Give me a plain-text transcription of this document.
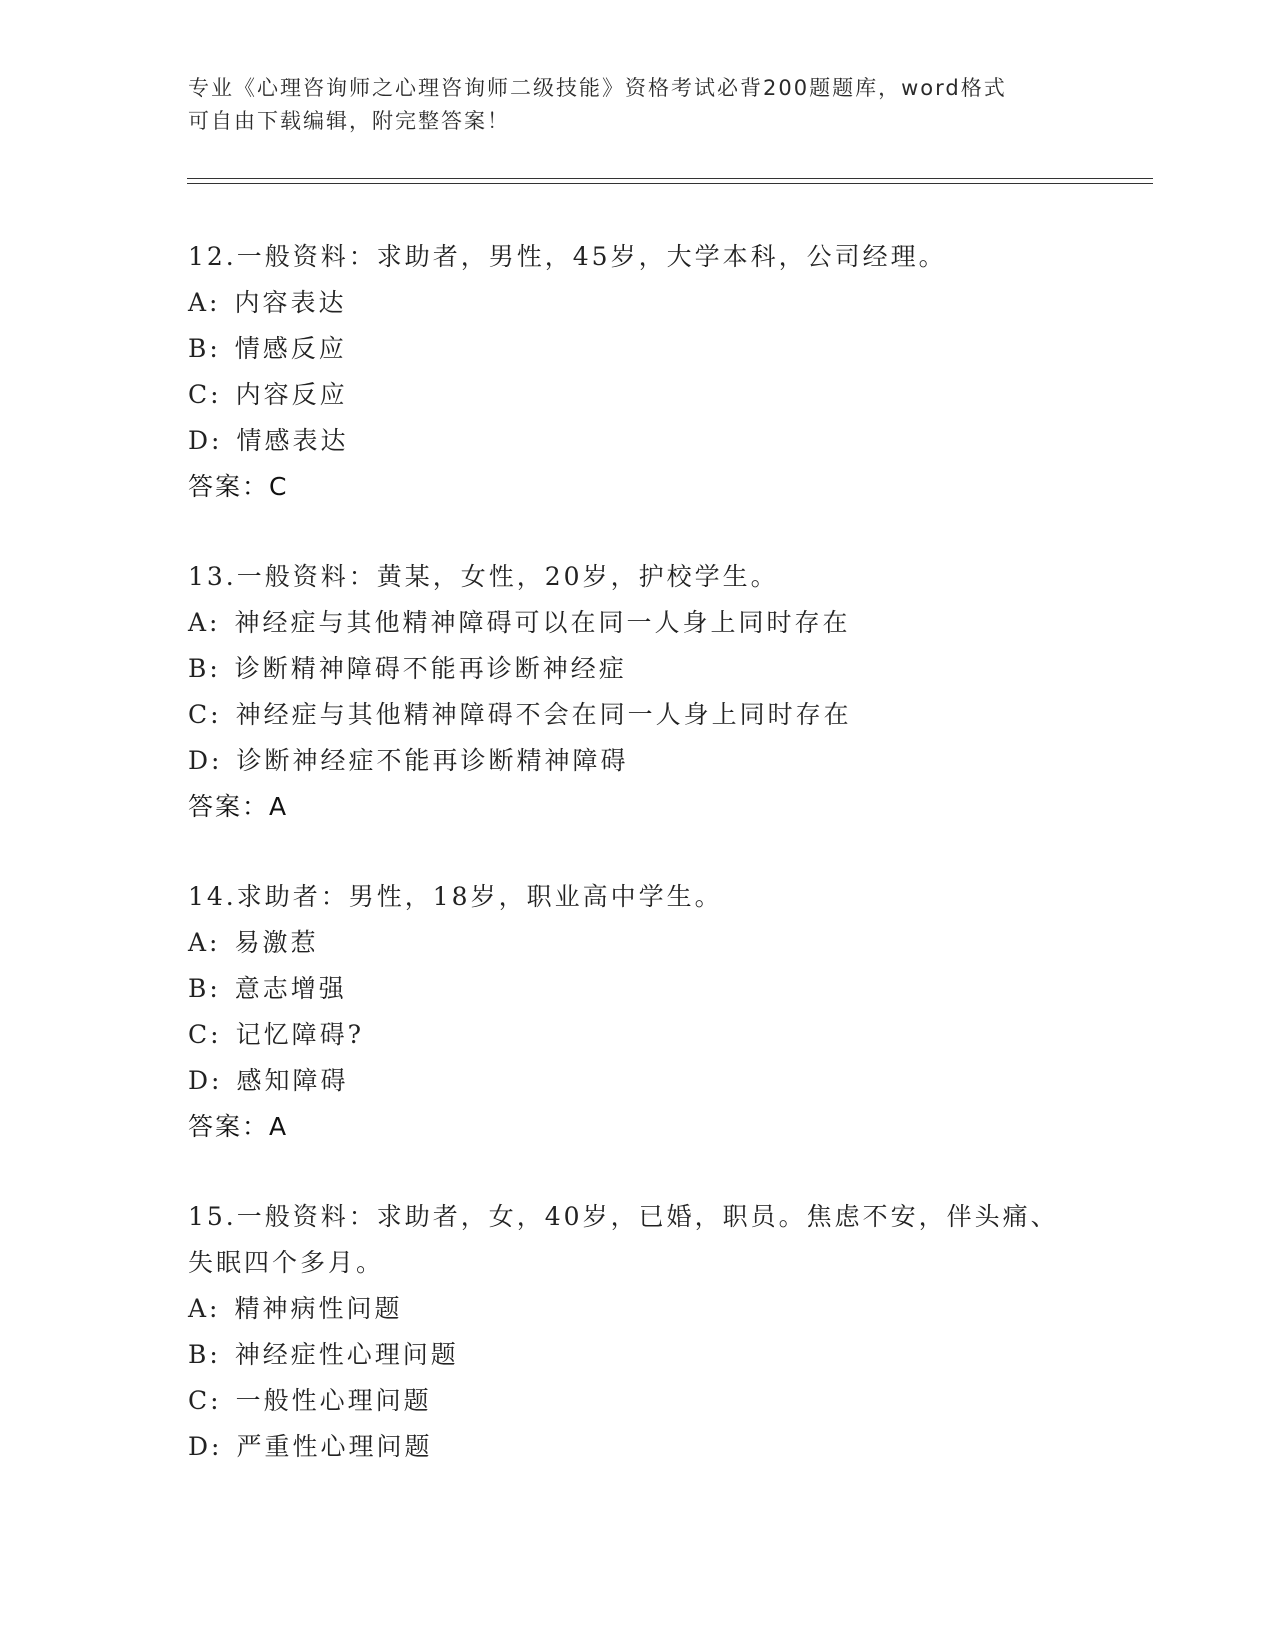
专业《心理咨询师之心理咨询师二级技能》资格考试必背200题题库，word格式
可自由下载编辑，附完整答案！
12.一般资料：求助者，男性，45岁，大学本科，公司经理。
A: 内容表达
B: 情感反应
C: 内容反应
D: 情感表达
答案：C
13.一般资料：黄某，女性，20岁，护校学生。
A: 神经症与其他精神障碍可以在同一人身上同时存在
B: 诊断精神障碍不能再诊断神经症
C: 神经症与其他精神障碍不会在同一人身上同时存在
D: 诊断神经症不能再诊断精神障碍
答案：A
14.求助者：男性，18岁，职业高中学生。
A: 易激惹
B: 意志增强
C: 记忆障碍?
D: 感知障碍
答案：A
15.一般资料：求助者，女，40岁，已婚，职员。焦虑不安，伴头痛、
失眠四个多月。
A: 精神病性问题
B: 神经症性心理问题
C: 一般性心理问题
D: 严重性心理问题
